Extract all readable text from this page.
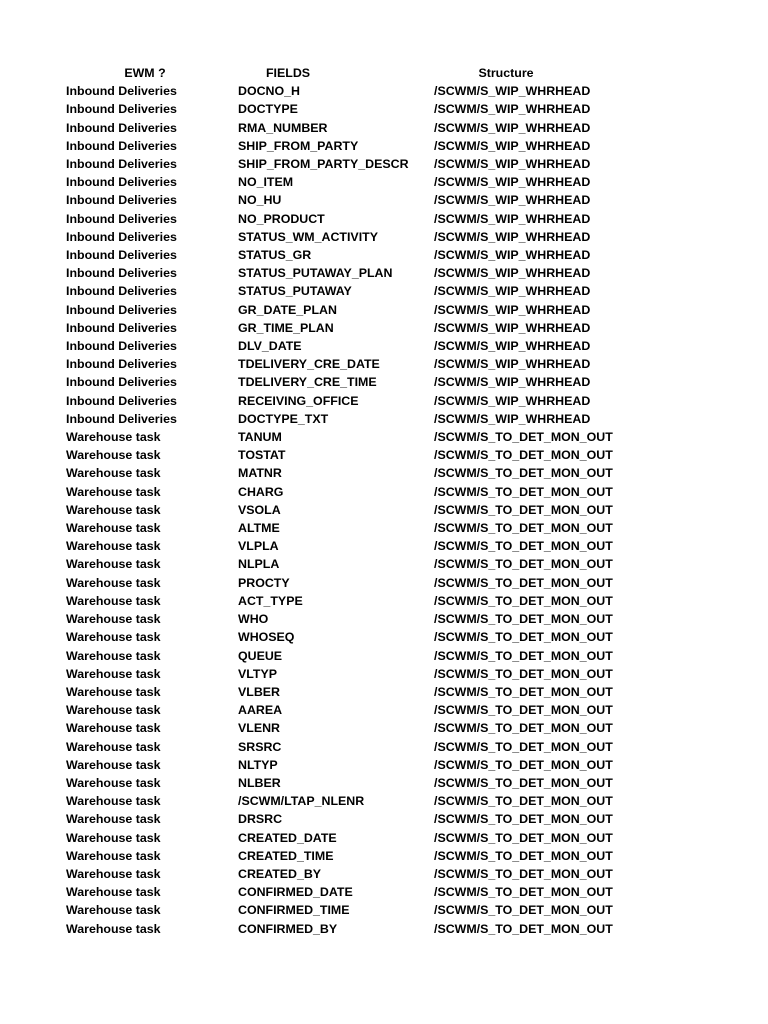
EWM ?	FIELDS	Structure
Inbound Deliveries	DOCNO_H	/SCWM/S_WIP_WHRHEAD
Inbound Deliveries	DOCTYPE	/SCWM/S_WIP_WHRHEAD
Inbound Deliveries	RMA_NUMBER	/SCWM/S_WIP_WHRHEAD
Inbound Deliveries	SHIP_FROM_PARTY	/SCWM/S_WIP_WHRHEAD
Inbound Deliveries	SHIP_FROM_PARTY_DESCR	/SCWM/S_WIP_WHRHEAD
Inbound Deliveries	NO_ITEM	/SCWM/S_WIP_WHRHEAD
Inbound Deliveries	NO_HU	/SCWM/S_WIP_WHRHEAD
Inbound Deliveries	NO_PRODUCT	/SCWM/S_WIP_WHRHEAD
Inbound Deliveries	STATUS_WM_ACTIVITY	/SCWM/S_WIP_WHRHEAD
Inbound Deliveries	STATUS_GR	/SCWM/S_WIP_WHRHEAD
Inbound Deliveries	STATUS_PUTAWAY_PLAN	/SCWM/S_WIP_WHRHEAD
Inbound Deliveries	STATUS_PUTAWAY	/SCWM/S_WIP_WHRHEAD
Inbound Deliveries	GR_DATE_PLAN	/SCWM/S_WIP_WHRHEAD
Inbound Deliveries	GR_TIME_PLAN	/SCWM/S_WIP_WHRHEAD
Inbound Deliveries	DLV_DATE	/SCWM/S_WIP_WHRHEAD
Inbound Deliveries	TDELIVERY_CRE_DATE	/SCWM/S_WIP_WHRHEAD
Inbound Deliveries	TDELIVERY_CRE_TIME	/SCWM/S_WIP_WHRHEAD
Inbound Deliveries	RECEIVING_OFFICE	/SCWM/S_WIP_WHRHEAD
Inbound Deliveries	DOCTYPE_TXT	/SCWM/S_WIP_WHRHEAD
Warehouse task	TANUM	/SCWM/S_TO_DET_MON_OUT
Warehouse task	TOSTAT	/SCWM/S_TO_DET_MON_OUT
Warehouse task	MATNR	/SCWM/S_TO_DET_MON_OUT
Warehouse task	CHARG	/SCWM/S_TO_DET_MON_OUT
Warehouse task	VSOLA	/SCWM/S_TO_DET_MON_OUT
Warehouse task	ALTME	/SCWM/S_TO_DET_MON_OUT
Warehouse task	VLPLA	/SCWM/S_TO_DET_MON_OUT
Warehouse task	NLPLA	/SCWM/S_TO_DET_MON_OUT
Warehouse task	PROCTY	/SCWM/S_TO_DET_MON_OUT
Warehouse task	ACT_TYPE	/SCWM/S_TO_DET_MON_OUT
Warehouse task	WHO	/SCWM/S_TO_DET_MON_OUT
Warehouse task	WHOSEQ	/SCWM/S_TO_DET_MON_OUT
Warehouse task	QUEUE	/SCWM/S_TO_DET_MON_OUT
Warehouse task	VLTYP	/SCWM/S_TO_DET_MON_OUT
Warehouse task	VLBER	/SCWM/S_TO_DET_MON_OUT
Warehouse task	AAREA	/SCWM/S_TO_DET_MON_OUT
Warehouse task	VLENR	/SCWM/S_TO_DET_MON_OUT
Warehouse task	SRSRC	/SCWM/S_TO_DET_MON_OUT
Warehouse task	NLTYP	/SCWM/S_TO_DET_MON_OUT
Warehouse task	NLBER	/SCWM/S_TO_DET_MON_OUT
Warehouse task	/SCWM/LTAP_NLENR	/SCWM/S_TO_DET_MON_OUT
Warehouse task	DRSRC	/SCWM/S_TO_DET_MON_OUT
Warehouse task	CREATED_DATE	/SCWM/S_TO_DET_MON_OUT
Warehouse task	CREATED_TIME	/SCWM/S_TO_DET_MON_OUT
Warehouse task	CREATED_BY	/SCWM/S_TO_DET_MON_OUT
Warehouse task	CONFIRMED_DATE	/SCWM/S_TO_DET_MON_OUT
Warehouse task	CONFIRMED_TIME	/SCWM/S_TO_DET_MON_OUT
Warehouse task	CONFIRMED_BY	/SCWM/S_TO_DET_MON_OUT
